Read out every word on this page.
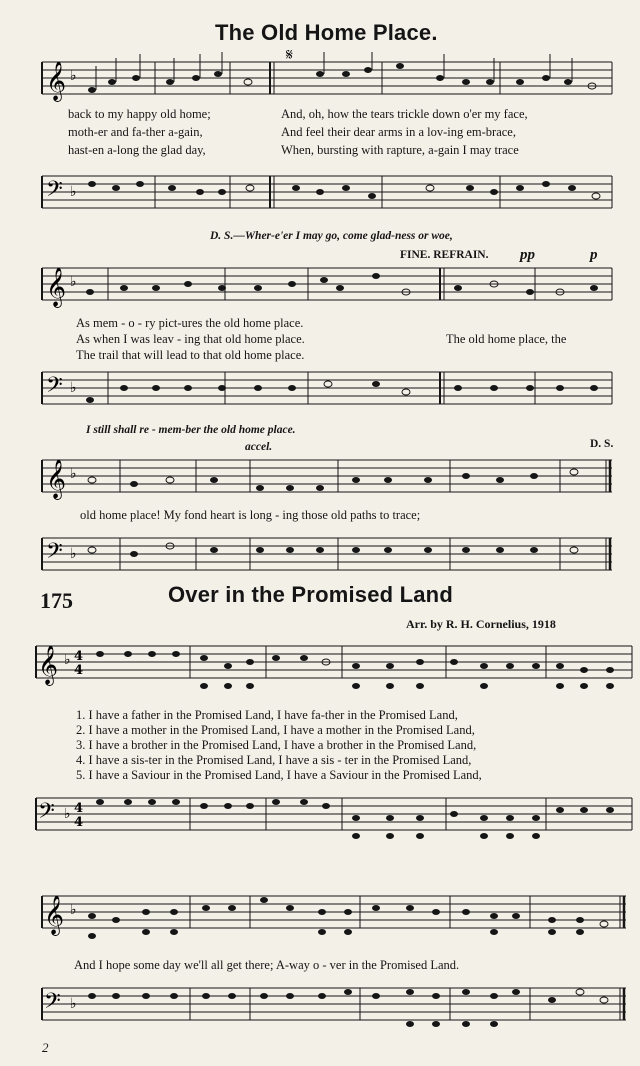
The Old Home Place.
𝄞 ♭
𝄋
back to my happy old home;
moth-er and fa-ther a-gain,
hast-en a-long the glad day,
And, oh, how the tears trickle down o'er my face,
And feel their dear arms in a lov-ing em-brace,
When, bursting with rapture, a-gain I may trace
𝄢 ♭
D. S.—Wher-e'er I may go, come glad-ness or woe,
FINE. REFRAIN. pp	p
𝄞 ♭
As mem - o - ry pict-ures the old home place.
As when I was leav - ing that old home place.
The trail that will lead to that old home place.
The old home place, the
𝄢 ♭
I still shall re - mem-ber the old home place.
accel.	D. S.
𝄞 ♭
old home place! My fond heart is long - ing those old paths to trace;
𝄢 ♭
175	Over in the Promised Land
Arr. by R. H. Cornelius, 1918
𝄞 ♭ 4
4
1. I have a father in the Promised Land, I have fa-ther in the Promised Land,
2. I have a mother in the Promised Land, I have a mother in the Promised Land,
3. I have a brother in the Promised Land, I have a brother in the Promised Land,
4. I have a sis-ter in the Promised Land, I have a sis - ter in the Promised Land,
5. I have a Saviour in the Promised Land, I have a Saviour in the Promised Land,
𝄢 ♭ 4
4
𝄞 ♭
And I hope some day we'll all get there; A-way o - ver in the Promised Land.
𝄢 ♭
2
